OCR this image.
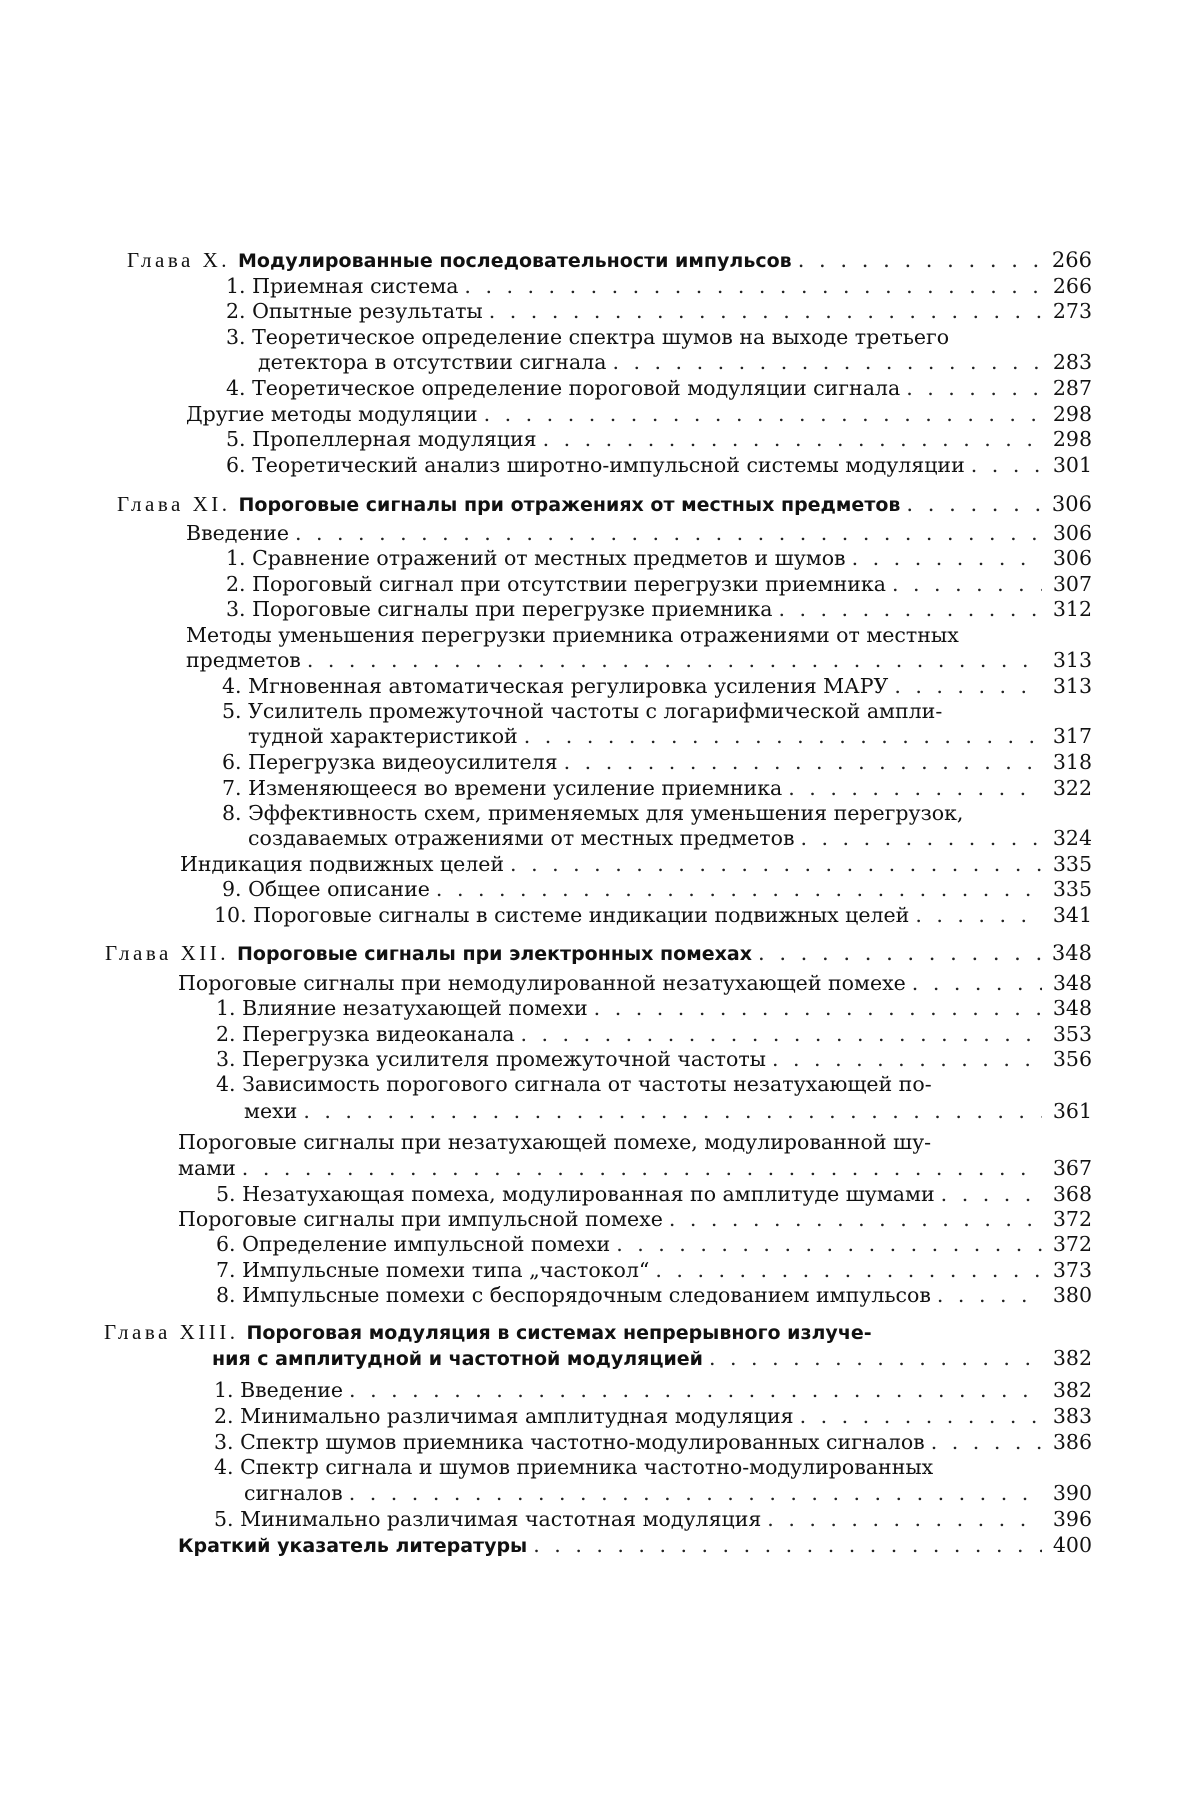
Глава X. Модулированные последовательности импульсов . . .	266
1. Приемная система . . .	266
2. Опытные результаты . . .	273
3. Теоретическое определение спектра шумов на выходе третьего
детектора в отсутствии сигнала . . .	283
4. Теоретическое определение пороговой модуляции сигнала . . .	287
Другие методы модуляции . . .	298
5. Пропеллерная модуляция . . .	298
6. Теоретический анализ широтно-импульсной системы модуляции . . .	301
Глава XI. Пороговые сигналы при отражениях от местных предметов . . .	306
Введение . . .	306
1. Сравнение отражений от местных предметов и шумов . . .	306
2. Пороговый сигнал при отсутствии перегрузки приемника . . .	307
3. Пороговые сигналы при перегрузке приемника . . .	312
Методы уменьшения перегрузки приемника отражениями от местных
предметов . . .	313
4. Мгновенная автоматическая регулировка усиления МАРУ . . .	313
5. Усилитель промежуточной частоты с логарифмической ампли-
тудной характеристикой . . .	317
6. Перегрузка видеоусилителя . . .	318
7. Изменяющееся во времени усиление приемника . . .	322
8. Эффективность схем, применяемых для уменьшения перегрузок,
создаваемых отражениями от местных предметов . . .	324
Индикация подвижных целей . . .	335
9. Общее описание . . .	335
10. Пороговые сигналы в системе индикации подвижных целей . . .	341
Глава XII. Пороговые сигналы при электронных помехах . . .	348
Пороговые сигналы при немодулированной незатухающей помехе . . .	348
1. Влияние незатухающей помехи . . .	348
2. Перегрузка видеоканала . . .	353
3. Перегрузка усилителя промежуточной частоты . . .	356
4. Зависимость порогового сигнала от частоты незатухающей по-
мехи . . .	361
Пороговые сигналы при незатухающей помехе, модулированной шу-
мами . . .	367
5. Незатухающая помеха, модулированная по амплитуде шумами . . .	368
Пороговые сигналы при импульсной помехе . . .	372
6. Определение импульсной помехи . . .	372
7. Импульсные помехи типа „частокол“ . . .	373
8. Импульсные помехи с беспорядочным следованием импульсов . . .	380
Глава XIII. Пороговая модуляция в системах непрерывного излуче-
ния с амплитудной и частотной модуляцией . . .	382
1. Введение . . .	382
2. Минимально различимая амплитудная модуляция . . .	383
3. Спектр шумов приемника частотно-модулированных сигналов . . .	386
4. Спектр сигнала и шумов приемника частотно-модулированных
сигналов . . .	390
5. Минимально различимая частотная модуляция . . .	396
Краткий указатель литературы . . .	400
